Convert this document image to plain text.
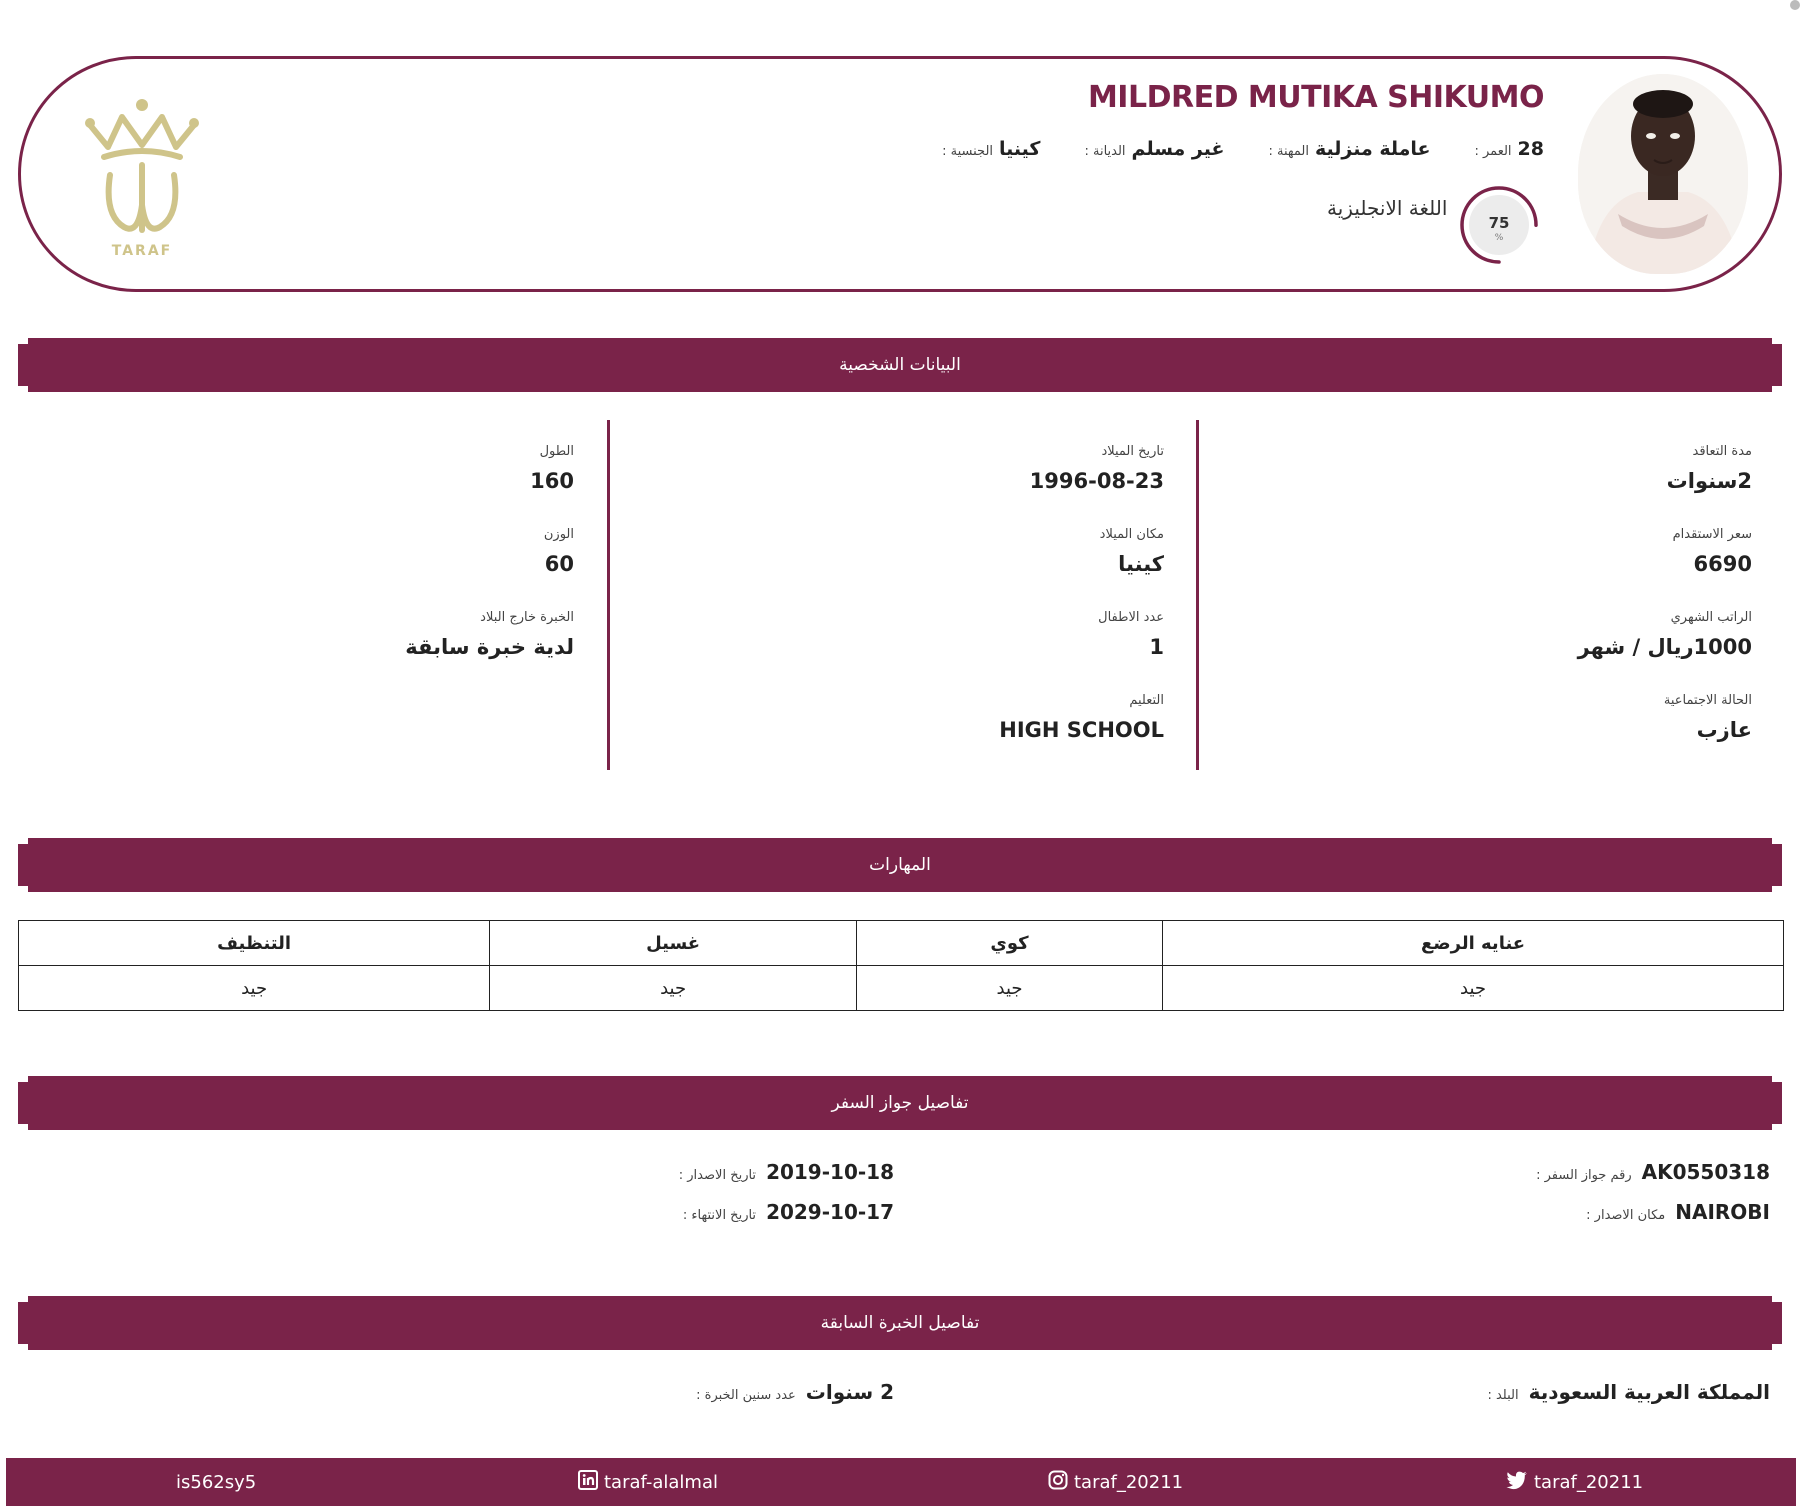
MILDRED MUTIKA SHIKUMO
الجنسية : كينيا	الديانة : غير مسلم	المهنة : عاملة منزلية	العمر : 28
اللغة الانجليزية
75
%
TARAF
البيانات الشخصية
مدة التعاقد
2سنوات
سعر الاستقدام
6690
الراتب الشهري
1000ريال / شهر
الحالة الاجتماعية
عازب
تاريخ الميلاد
1996-08-23
مكان الميلاد
كينيا
عدد الاطفال
1
التعليم
HIGH SCHOOL
الطول
160
الوزن
60
الخبرة خارج البلاد
لدية خبرة سابقة
المهارات
عنايه الرضع	كوي	غسيل	التنظيف
جيد	جيد	جيد	جيد
تفاصيل جواز السفر
رقم جواز السفر : AK0550318
مكان الاصدار : NAIROBI
تاريخ الاصدار : 2019-10-18
تاريخ الانتهاء : 2029-10-17
تفاصيل الخبرة السابقة
البلد : المملكة العربية السعودية
عدد سنين الخبرة : 2 سنوات
is562sy5	taraf-alalmal	taraf_20211	taraf_20211
